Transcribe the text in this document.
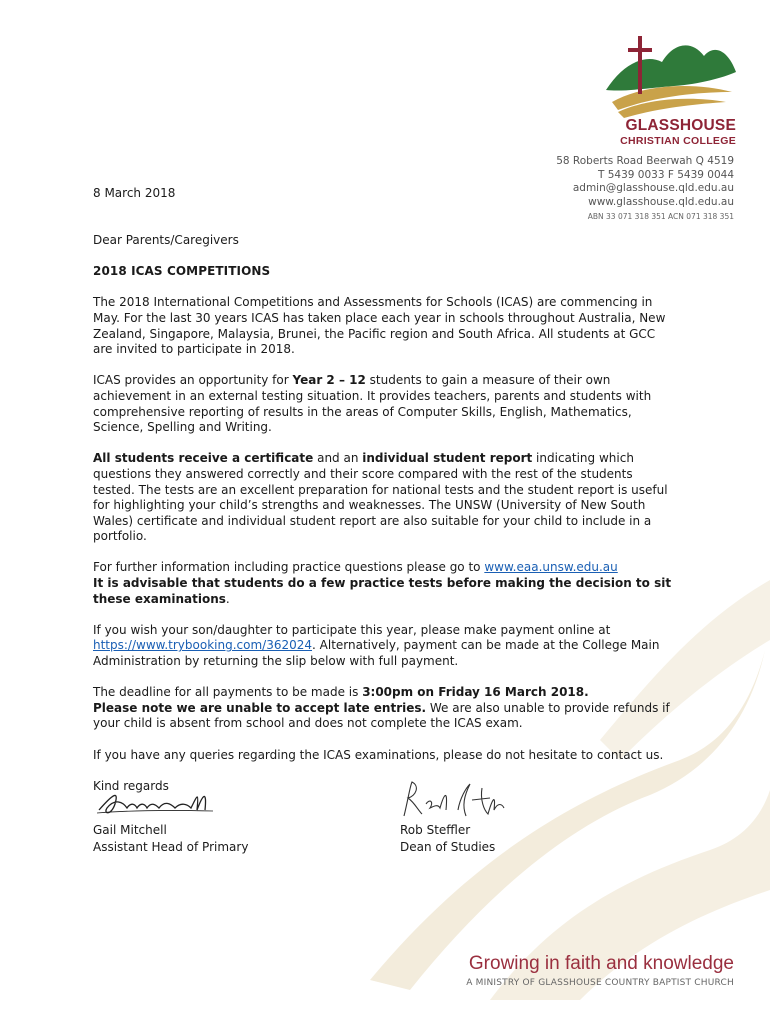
GLASSHOUSE
CHRISTIAN COLLEGE
58 Roberts Road Beerwah Q 4519
T 5439 0033 F 5439 0044
admin@glasshouse.qld.edu.au
www.glasshouse.qld.edu.au
ABN 33 071 318 351 ACN 071 318 351
8 March 2018

Dear Parents/Caregivers

2018 ICAS COMPETITIONS

The 2018 International Competitions and Assessments for Schools (ICAS) are commencing in May. For the last 30 years ICAS has taken place each year in schools throughout Australia, New Zealand, Singapore, Malaysia, Brunei, the Pacific region and South Africa. All students at GCC are invited to participate in 2018.

ICAS provides an opportunity for Year 2 – 12 students to gain a measure of their own achievement in an external testing situation. It provides teachers, parents and students with comprehensive reporting of results in the areas of Computer Skills, English, Mathematics, Science, Spelling and Writing.

All students receive a certificate and an individual student report indicating which questions they answered correctly and their score compared with the rest of the students tested. The tests are an excellent preparation for national tests and the student report is useful for highlighting your child’s strengths and weaknesses. The UNSW (University of New South Wales) certificate and individual student report are also suitable for your child to include in a portfolio.

For further information including practice questions please go to www.eaa.unsw.edu.au
It is advisable that students do a few practice tests before making the decision to sit these examinations.

If you wish your son/daughter to participate this year, please make payment online at https://www.trybooking.com/362024. Alternatively, payment can be made at the College Main Administration by returning the slip below with full payment.

The deadline for all payments to be made is 3:00pm on Friday 16 March 2018.
Please note we are unable to accept late entries. We are also unable to provide refunds if your child is absent from school and does not complete the ICAS exam.

If you have any queries regarding the ICAS examinations, please do not hesitate to contact us.

Kind regards

Gail Mitchell
Assistant Head of Primary
Rob Steffler
Dean of Studies
Growing in faith and knowledge
A MINISTRY OF GLASSHOUSE COUNTRY BAPTIST CHURCH
